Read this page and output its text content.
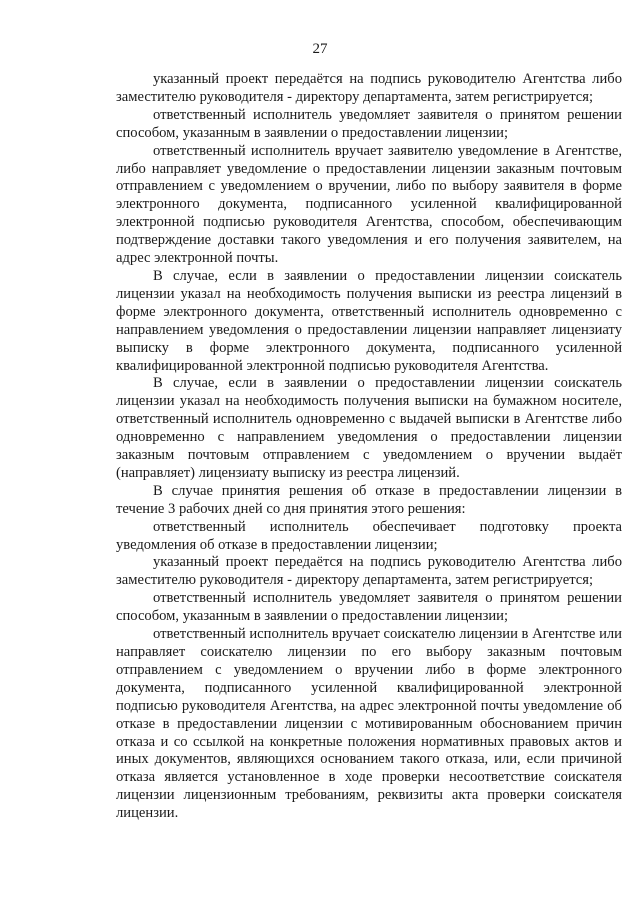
27

указанный проект передаётся на подпись руководителю Агентства либо заместителю руководителя - директору департамента, затем регистрируется;

ответственный исполнитель уведомляет заявителя о принятом решении способом, указанным в заявлении о предоставлении лицензии;

ответственный исполнитель вручает заявителю уведомление в Агентстве, либо направляет уведомление о предоставлении лицензии заказным почтовым отправлением с уведомлением о вручении, либо по выбору заявителя в форме электронного документа, подписанного усиленной квалифицированной электронной подписью руководителя Агентства, способом, обеспечивающим подтверждение доставки такого уведомления и его получения заявителем, на адрес электронной почты.

В случае, если в заявлении о предоставлении лицензии соискатель лицензии указал на необходимость получения выписки из реестра лицензий в форме электронного документа, ответственный исполнитель одновременно с направлением уведомления о предоставлении лицензии направляет лицензиату выписку в форме электронного документа, подписанного усиленной квалифицированной электронной подписью руководителя Агентства.

В случае, если в заявлении о предоставлении лицензии соискатель лицензии указал на необходимость получения выписки на бумажном носителе, ответственный исполнитель одновременно с выдачей выписки в Агентстве либо одновременно с направлением уведомления о предоставлении лицензии заказным почтовым отправлением с уведомлением о вручении выдаёт (направляет) лицензиату выписку из реестра лицензий.

В случае принятия решения об отказе в предоставлении лицензии в течение 3 рабочих дней со дня принятия этого решения:

ответственный исполнитель обеспечивает подготовку проекта уведомления об отказе в предоставлении лицензии;

указанный проект передаётся на подпись руководителю Агентства либо заместителю руководителя - директору департамента, затем регистрируется;

ответственный исполнитель уведомляет заявителя о принятом решении способом, указанным в заявлении о предоставлении лицензии;

ответственный исполнитель вручает соискателю лицензии в Агентстве или направляет соискателю лицензии по его выбору заказным почтовым отправлением с уведомлением о вручении либо в форме электронного документа, подписанного усиленной квалифицированной электронной подписью руководителя Агентства, на адрес электронной почты уведомление об отказе в предоставлении лицензии с мотивированным обоснованием причин отказа и со ссылкой на конкретные положения нормативных правовых актов и иных документов, являющихся основанием такого отказа, или, если причиной отказа является установленное в ходе проверки несоответствие соискателя лицензии лицензионным требованиям, реквизиты акта проверки соискателя лицензии.
